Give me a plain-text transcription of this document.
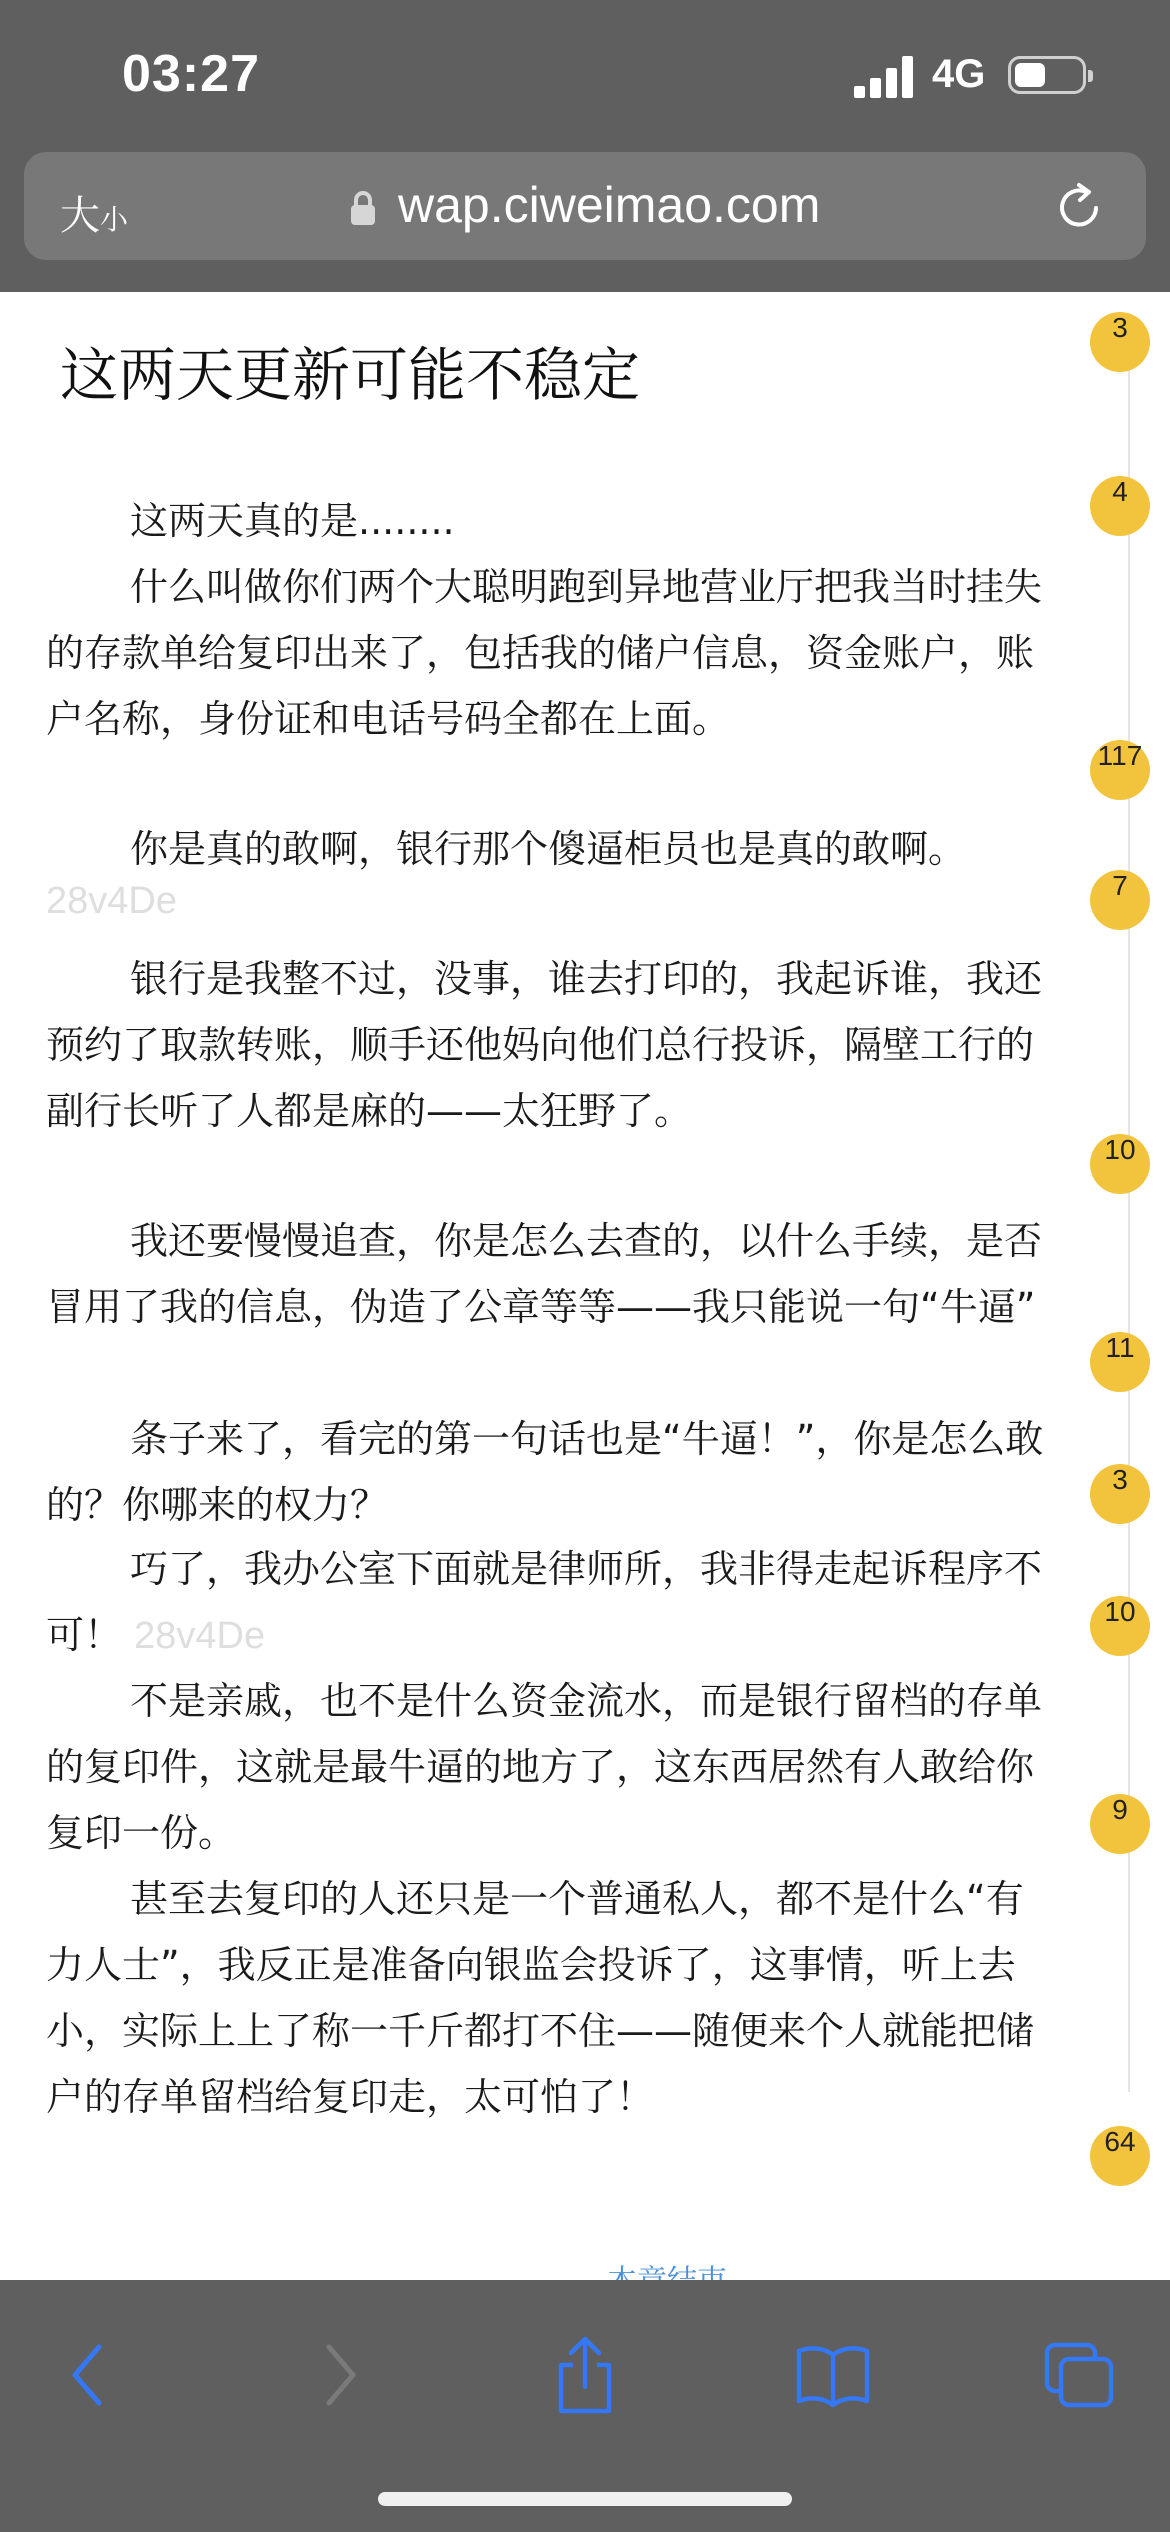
03:27	4G
大小	wap.ciweimao.com
这两天更新可能不稳定

这两天真的是........

什么叫做你们两个大聪明跑到异地营业厅把我当时挂失的存款单给复印出来了，包括我的储户信息，资金账户，账户名称，身份证和电话号码全都在上面。

你是真的敢啊，银行那个傻逼柜员也是真的敢啊。

28v4De

银行是我整不过，没事，谁去打印的，我起诉谁，我还预约了取款转账，顺手还他妈向他们总行投诉，隔壁工行的副行长听了人都是麻的——太狂野了。

我还要慢慢追查，你是怎么去查的，以什么手续，是否冒用了我的信息，伪造了公章等等——我只能说一句“牛逼”

条子来了，看完的第一句话也是“牛逼！”，你是怎么敢的？你哪来的权力？

巧了，我办公室下面就是律师所，我非得走起诉程序不可！ 28v4De

不是亲戚，也不是什么资金流水，而是银行留档的存单的复印件，这就是最牛逼的地方了，这东西居然有人敢给你复印一份。

甚至去复印的人还只是一个普通私人，都不是什么“有力人士”，我反正是准备向银监会投诉了，这事情，听上去小，实际上上了称一千斤都打不住——随便来个人就能把储户的存单留档给复印走，太可怕了！

3
4
117
7
10
11
3
10
9
64
